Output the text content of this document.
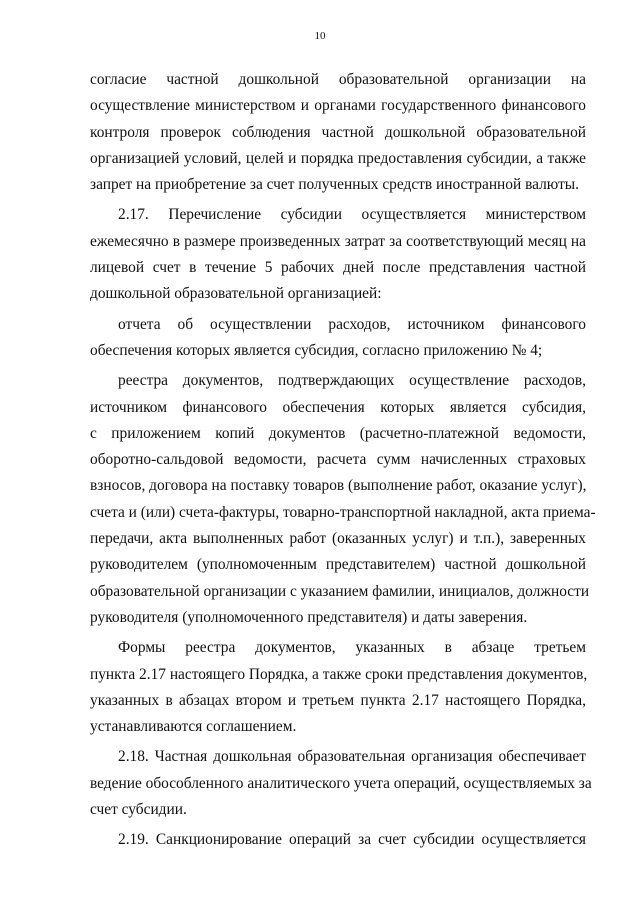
10

согласие частной дошкольной образовательной организации на
осуществление министерством и органами государственного финансового
контроля проверок соблюдения частной дошкольной образовательной
организацией условий, целей и порядка предоставления субсидии, а также
запрет на приобретение за счет полученных средств иностранной валюты.

2.17. Перечисление субсидии осуществляется министерством
ежемесячно в размере произведенных затрат за соответствующий месяц на
лицевой счет в течение 5 рабочих дней после представления частной
дошкольной образовательной организацией:

отчета об осуществлении расходов, источником финансового
обеспечения которых является субсидия, согласно приложению № 4;

реестра документов, подтверждающих осуществление расходов,
источником финансового обеспечения которых является субсидия,
с приложением копий документов (расчетно-платежной ведомости,
оборотно-сальдовой ведомости, расчета сумм начисленных страховых
взносов, договора на поставку товаров (выполнение работ, оказание услуг),
счета и (или) счета-фактуры, товарно-транспортной накладной, акта приема-
передачи, акта выполненных работ (оказанных услуг) и т.п.), заверенных
руководителем (уполномоченным представителем) частной дошкольной
образовательной организации с указанием фамилии, инициалов, должности
руководителя (уполномоченного представителя) и даты заверения.

Формы реестра документов, указанных в абзаце третьем
пункта 2.17 настоящего Порядка, а также сроки представления документов,
указанных в абзацах втором и третьем пункта 2.17 настоящего Порядка,
устанавливаются соглашением.

2.18. Частная дошкольная образовательная организация обеспечивает
ведение обособленного аналитического учета операций, осуществляемых за
счет субсидии.

2.19. Санкционирование операций за счет субсидии осуществляется
